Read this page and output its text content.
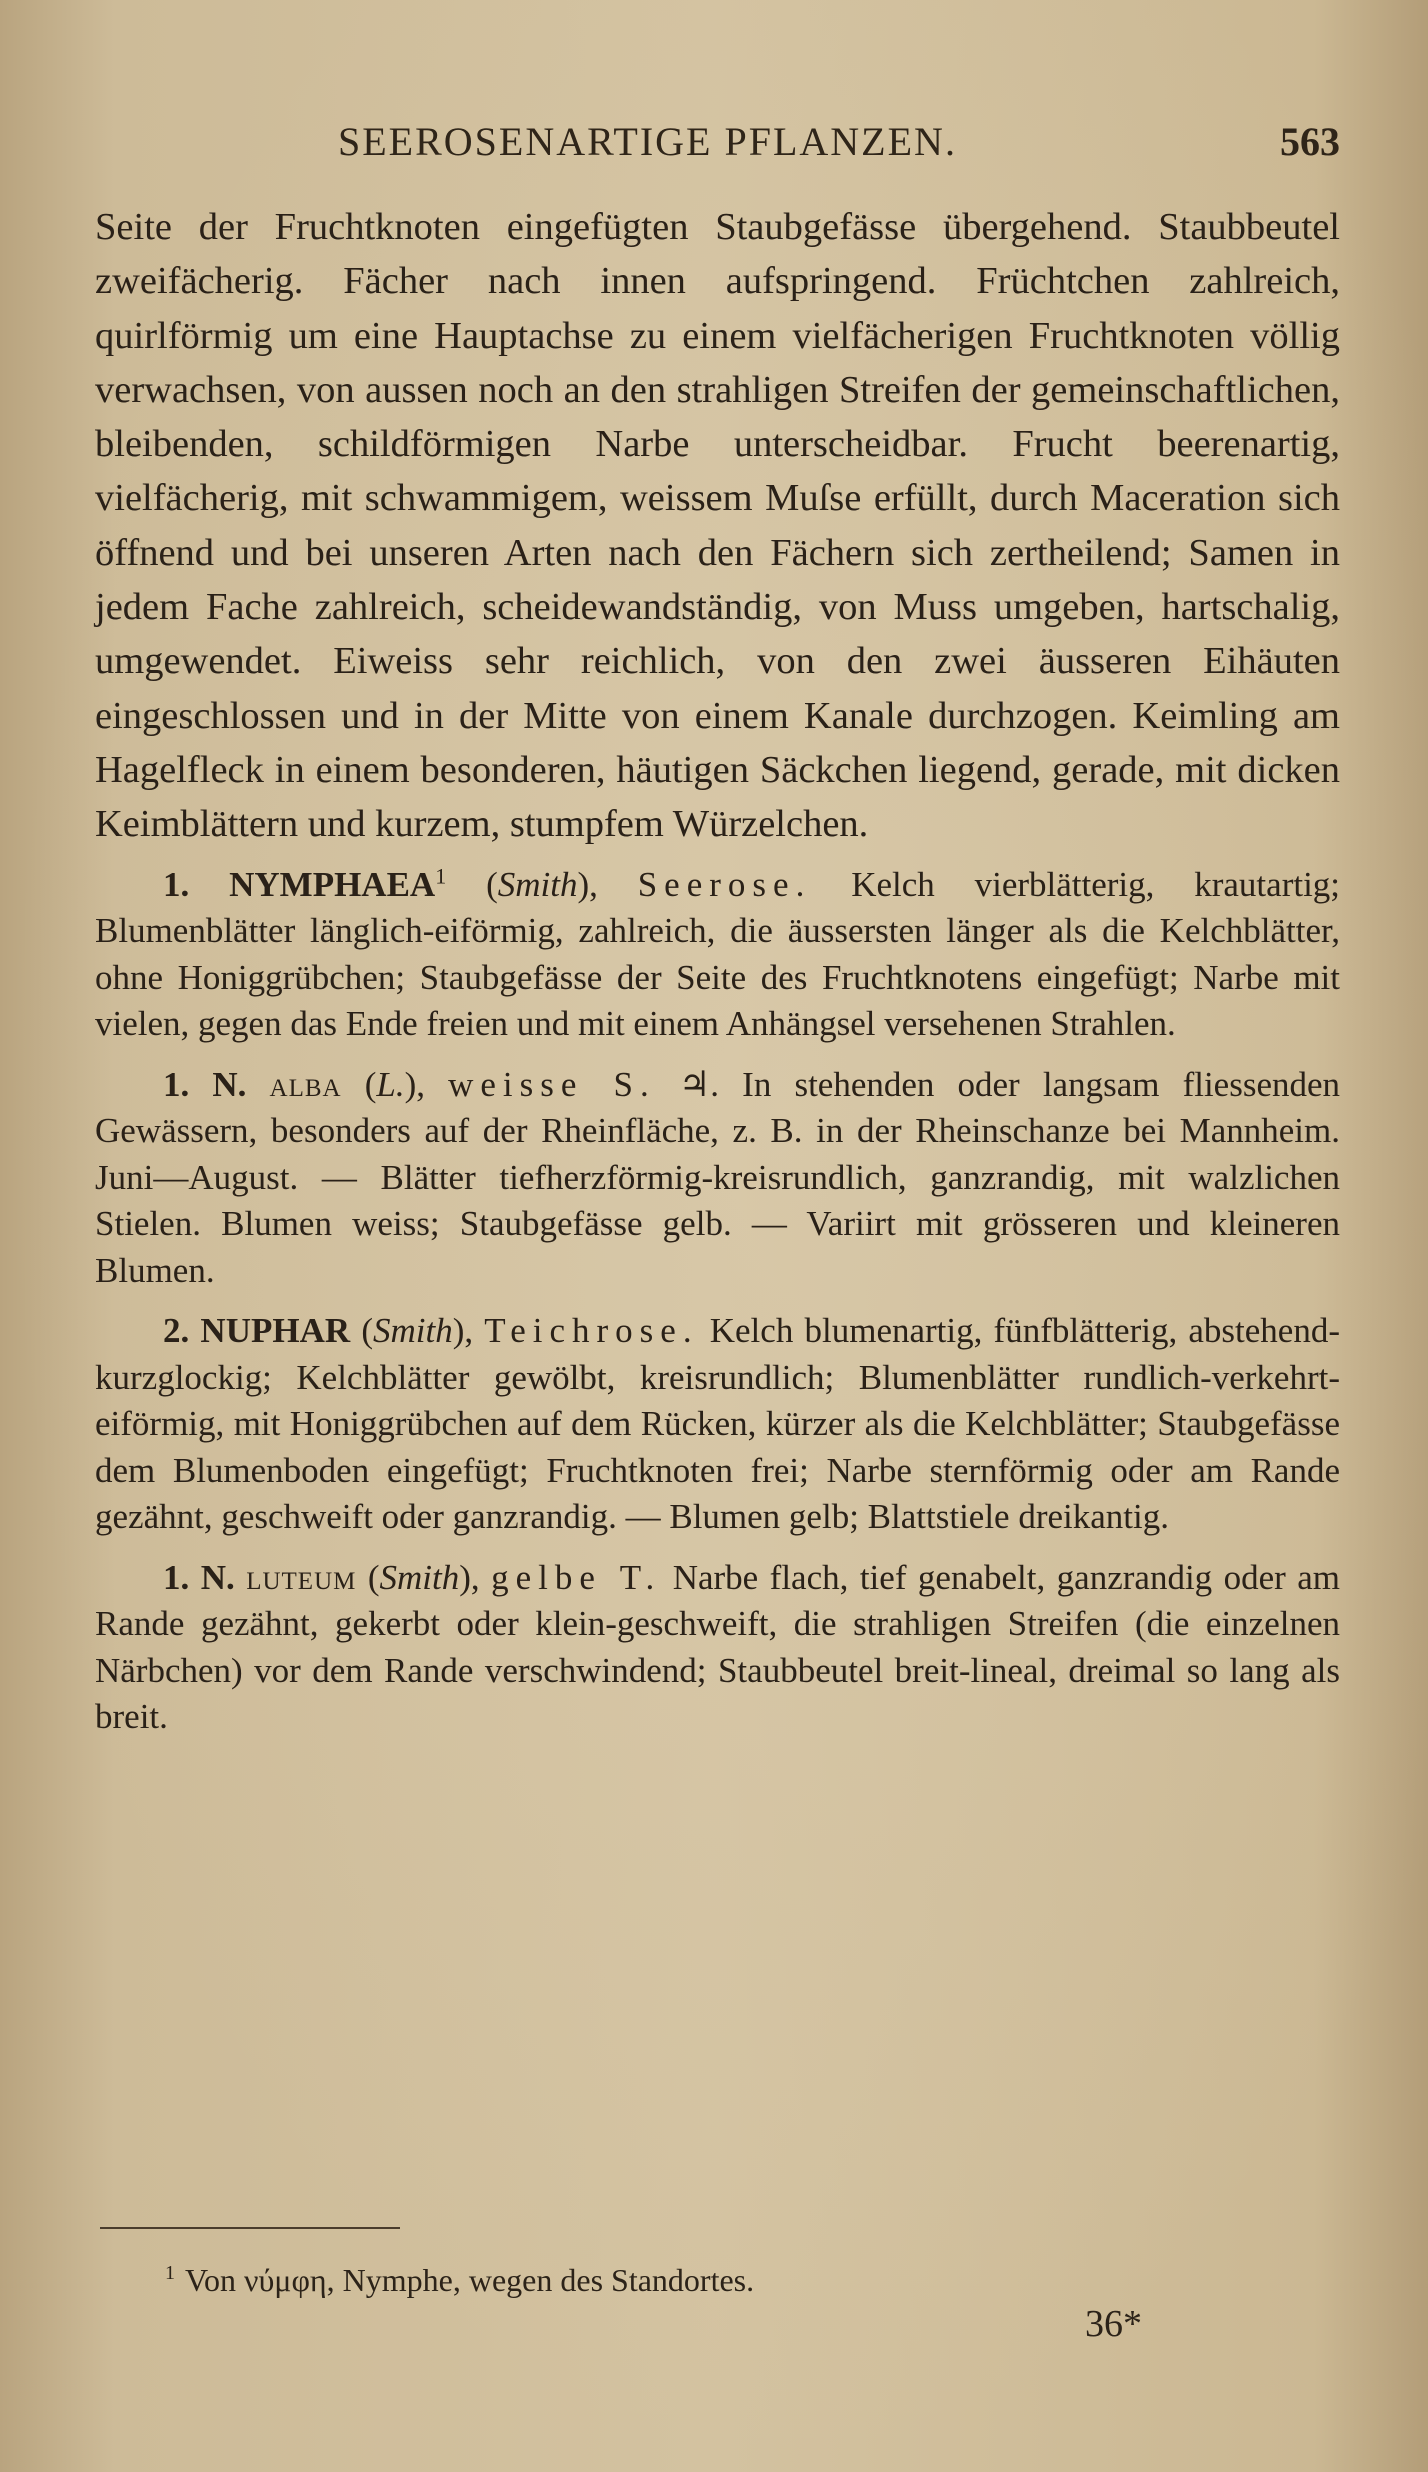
SEEROSENARTIGE PFLANZEN.	563

Seite der Fruchtknoten eingefügten Staubgefässe übergehend. Staubbeutel zweifächerig. Fächer nach innen aufspringend. Früchtchen zahlreich, quirlförmig um eine Hauptachse zu einem vielfächerigen Fruchtknoten völlig verwachsen, von aussen noch an den strahligen Streifen der gemeinschaftlichen, bleibenden, schildförmigen Narbe unterscheidbar. Frucht beerenartig, vielfächerig, mit schwammigem, weissem Muſse erfüllt, durch Maceration sich öffnend und bei unseren Arten nach den Fächern sich zertheilend; Samen in jedem Fache zahlreich, scheidewandständig, von Muss umgeben, hartschalig, umgewendet. Eiweiss sehr reichlich, von den zwei äusseren Eihäuten eingeschlossen und in der Mitte von einem Kanale durchzogen. Keimling am Hagelfleck in einem besonderen, häutigen Säckchen liegend, gerade, mit dicken Keimblättern und kurzem, stumpfem Würzelchen.

1. NYMPHAEA$^1$ (Smith), Seerose. Kelch vierblätterig, krautartig; Blumenblätter länglich-eiförmig, zahlreich, die äussersten länger als die Kelchblätter, ohne Honiggrübchen; Staubgefässe der Seite des Fruchtknotens eingefügt; Narbe mit vielen, gegen das Ende freien und mit einem Anhängsel versehenen Strahlen.

1. N. alba (L.), weisse S. ♃. In stehenden oder langsam fliessenden Gewässern, besonders auf der Rheinfläche, z. B. in der Rheinschanze bei Mannheim. Juni—August. — Blätter tiefherzförmig-kreisrundlich, ganzrandig, mit walzlichen Stielen. Blumen weiss; Staubgefässe gelb. — Variirt mit grösseren und kleineren Blumen.

2. NUPHAR (Smith), Teichrose. Kelch blumenartig, fünfblätterig, abstehend-kurzglockig; Kelchblätter gewölbt, kreisrundlich; Blumenblätter rundlich-verkehrt-eiförmig, mit Honiggrübchen auf dem Rücken, kürzer als die Kelchblätter; Staubgefässe dem Blumenboden eingefügt; Fruchtknoten frei; Narbe sternförmig oder am Rande gezähnt, geschweift oder ganzrandig. — Blumen gelb; Blattstiele dreikantig.

1. N. luteum (Smith), gelbe T. Narbe flach, tief genabelt, ganzrandig oder am Rande gezähnt, gekerbt oder klein-geschweift, die strahligen Streifen (die einzelnen Närbchen) vor dem Rande verschwindend; Staubbeutel breit-lineal, dreimal so lang als breit.

$^1$ Von νύμφη, Nymphe, wegen des Standortes.
36*
